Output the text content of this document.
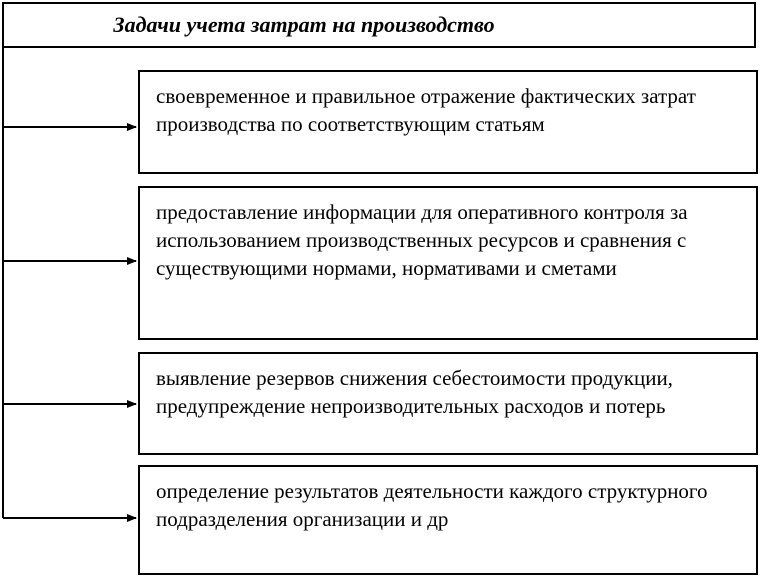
Задачи учета затрат на производство
своевременное и правильное отражение фактических затрат производства по соответствующим статьям
предоставление информации для оперативного контроля за использованием производственных ресурсов и сравнения с существующими нормами, нормативами и сметами
выявление резервов снижения себестоимости продукции, предупреждение непроизводительных расходов и потерь
определение результатов деятельности каждого структурного подразделения организации и др
